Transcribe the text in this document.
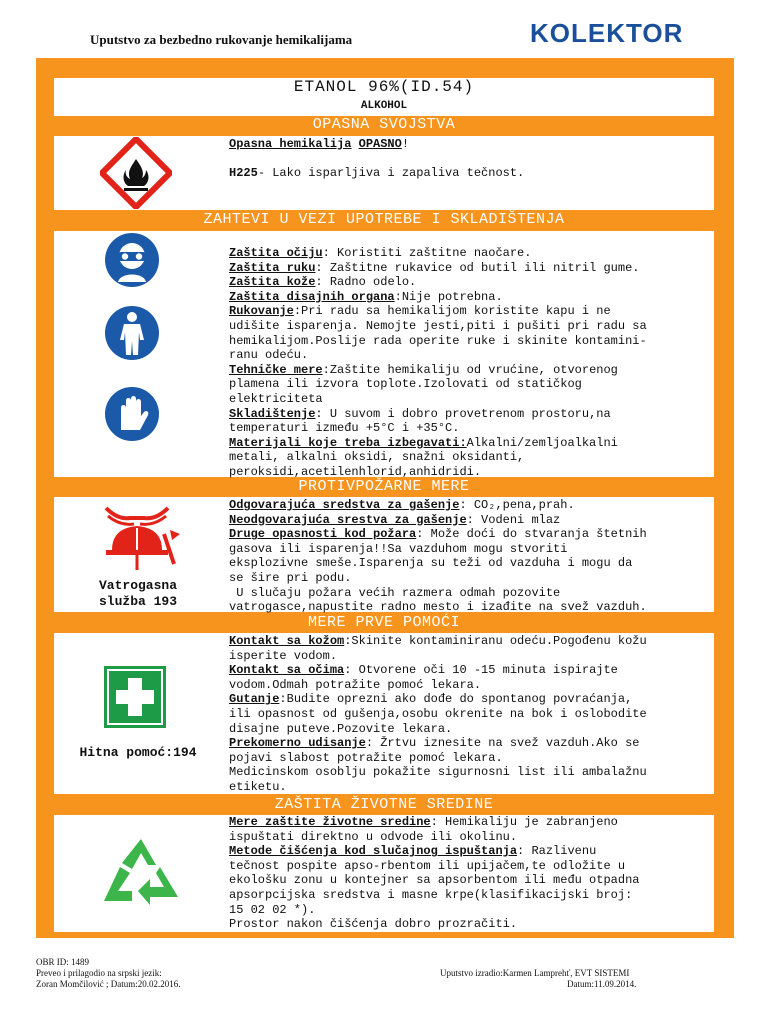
Uputstvo za bezbedno rukovanje hemikalijama	KOLEKTOR
ETANOL 96%(ID.54)
ALKOHOL
OPASNA SVOJSTVA
Opasna hemikalija OPASNO!
H225- Lako isparljiva i zapaliva tečnost.
ZAHTEVI U VEZI UPOTREBE I SKLADIŠTENJA
Zaštita očiju: Koristiti zaštitne naočare.
Zaštita ruku: Zaštitne rukavice od butil ili nitril gume.
Zaštita kože: Radno odelo.
Zaštita disajnih organa:Nije potrebna.
Rukovanje:Pri radu sa hemikalijom koristite kapu i ne
udišite isparenja. Nemojte jesti,piti i pušiti pri radu sa
hemikalijom.Poslije rada operite ruke i skinite kontamini-
ranu odeću.
Tehničke mere:Zaštite hemikaliju od vrućine, otvorenog
plamena ili izvora toplote.Izolovati od statičkog
elektriciteta
Skladištenje: U suvom i dobro provetrenom prostoru,na
temperaturi između +5°C i +35°C.
Materijali koje treba izbegavati:Alkalni/zemljoalkalni
metali, alkalni oksidi, snažni oksidanti,
peroksidi,acetilenhlorid,anhidridi.
PROTIVPOŽARNE MERE
Vatrogasna
služba 193
Odgovarajuća sredstva za gašenje: CO₂,pena,prah.
Neodgovarajuća srestva za gašenje: Vodeni mlaz
Druge opasnosti kod požara: Može doći do stvaranja štetnih
gasova ili isparenja!!Sa vazduhom mogu stvoriti
eksplozivne smeše.Isparenja su teži od vazduha i mogu da
se šire pri podu.
U slučaju požara većih razmera odmah pozovite
vatrogasce,napustite radno mesto i izađite na svež vazduh.
MERE PRVE POMOĆI
Hitna pomoć:194
Kontakt sa kožom:Skinite kontaminiranu odeću.Pogođenu kožu
isperite vodom.
Kontakt sa očima: Otvorene oči 10 -15 minuta ispirajte
vodom.Odmah potražite pomoć lekara.
Gutanje:Budite oprezni ako dođe do spontanog povraćanja,
ili opasnost od gušenja,osobu okrenite na bok i oslobodite
disajne puteve.Pozovite lekara.
Prekomerno udisanje: Žrtvu iznesite na svež vazduh.Ako se
pojavi slabost potražite pomoć lekara.
Medicinskom osoblju pokažite sigurnosni list ili ambalažnu
etiketu.
ZAŠTITA ŽIVOTNE SREDINE
Mere zaštite životne sredine: Hemikaliju je zabranjeno
ispuštati direktno u odvode ili okolinu.
Metode čišćenja kod slučajnog ispuštanja: Razlivenu
tečnost pospite apso-rbentom ili upijačem,te odložite u
ekološku zonu u kontejner sa apsorbentom ili među otpadna
apsorpcijska sredstva i masne krpe(klasifikacijski broj:
15 02 02 *).
Prostor nakon čišćenja dobro prozračiti.
OBR ID: 1489
Preveo i prilagodio na srpski jezik:
Zoran Momčilović ; Datum:20.02.2016.
Uputstvo izradio:Karmen Lamprehť, EVT SISTEMI
Datum:11.09.2014.
